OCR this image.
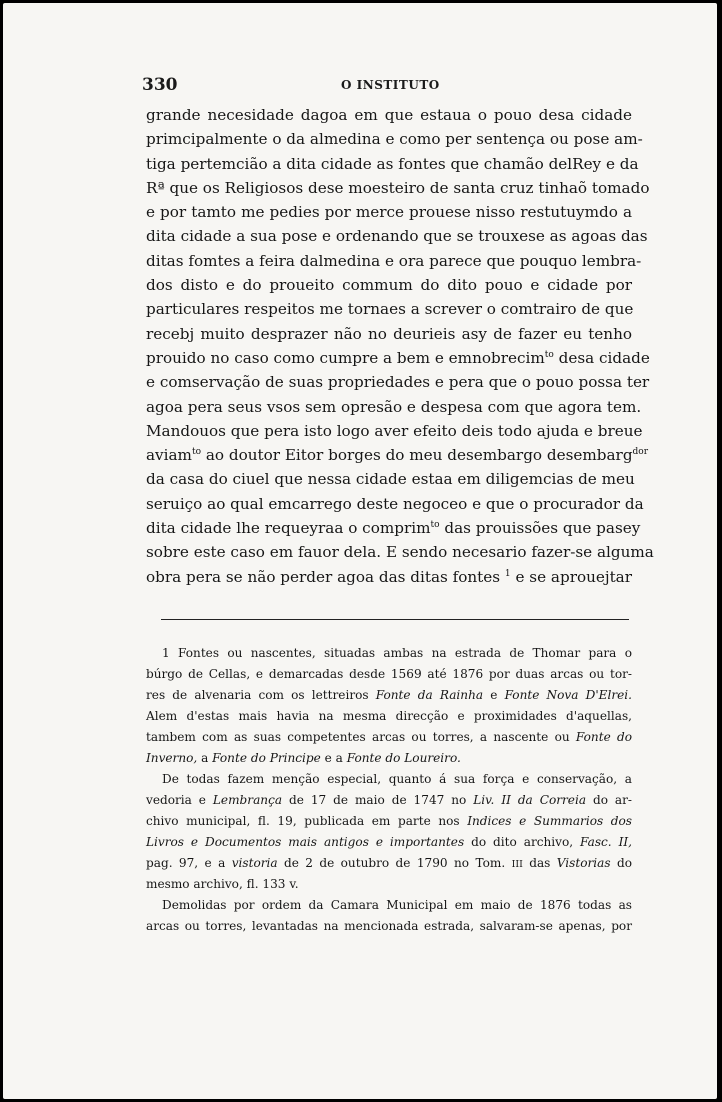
330	O INSTITUTO
grande necesidade dagoa em que estaua o pouo desa cidade
primcipalmente o da almedina e como per sentença ou pose am-
tiga pertemcião a dita cidade as fontes que chamão delRey e da
Rª que os Religiosos dese moesteiro de santa cruz tinhaõ tomado
e por tamto me pedies por merce prouese nisso restutuymdo a
dita cidade a sua pose e ordenando que se trouxese as agoas das
ditas fomtes a feira dalmedina e ora parece que pouquo lembra-
dos disto e do proueito commum do dito pouo e cidade por
particulares respeitos me tornaes a screver o comtrairo de que
recebj muito desprazer não no deurieis asy de fazer eu tenho
prouido no caso como cumpre a bem e emnobrecim$^{to}$ desa cidade
e comservação de suas propriedades e pera que o pouo possa ter
agoa pera seus vsos sem opresão e despesa com que agora tem.
Mandouos que pera isto logo aver efeito deis todo ajuda e breue
aviam$^{to}$ ao doutor Eitor borges do meu desembargo desembarg$^{dor}$
da casa do ciuel que nessa cidade estaa em diligemcias de meu
seruiço ao qual emcarrego deste negoceo e que o procurador da
dita cidade lhe requeyraa o comprim$^{to}$ das prouissões que pasey
sobre este caso em fauor dela. E sendo necesario fazer-se alguma
obra pera se não perder agoa das ditas fontes $^1$ e se aproueјtar
1 Fontes ou nascentes, situadas ambas na estrada de Thomar para o
búrgo de Cellas, e demarcadas desde 1569 até 1876 por duas arcas ou tor-
res de alvenaria com os lettreiros Fonte da Rainha e Fonte Nova D'Elrei.
Alem d'estas mais havia na mesma direcção e proximidades d'aquellas,
tambem com as suas competentes arcas ou torres, a nascente ou Fonte do
Inverno, a Fonte do Principe e a Fonte do Loureiro.
De todas fazem menção especial, quanto á sua força e conservação, a
vedoria e Lembrança de 17 de maio de 1747 no Liv. II da Correia do ar-
chivo municipal, fl. 19, publicada em parte nos Indices e Summarios dos
Livros e Documentos mais antigos e importantes do dito archivo, Fasc. II,
pag. 97, e a vistoria de 2 de outubro de 1790 no Tom. III das Vistorias do
mesmo archivo, fl. 133 v.
Demolidas por ordem da Camara Municipal em maio de 1876 todas as
arcas ou torres, levantadas na mencionada estrada, salvaram-se apenas, por
